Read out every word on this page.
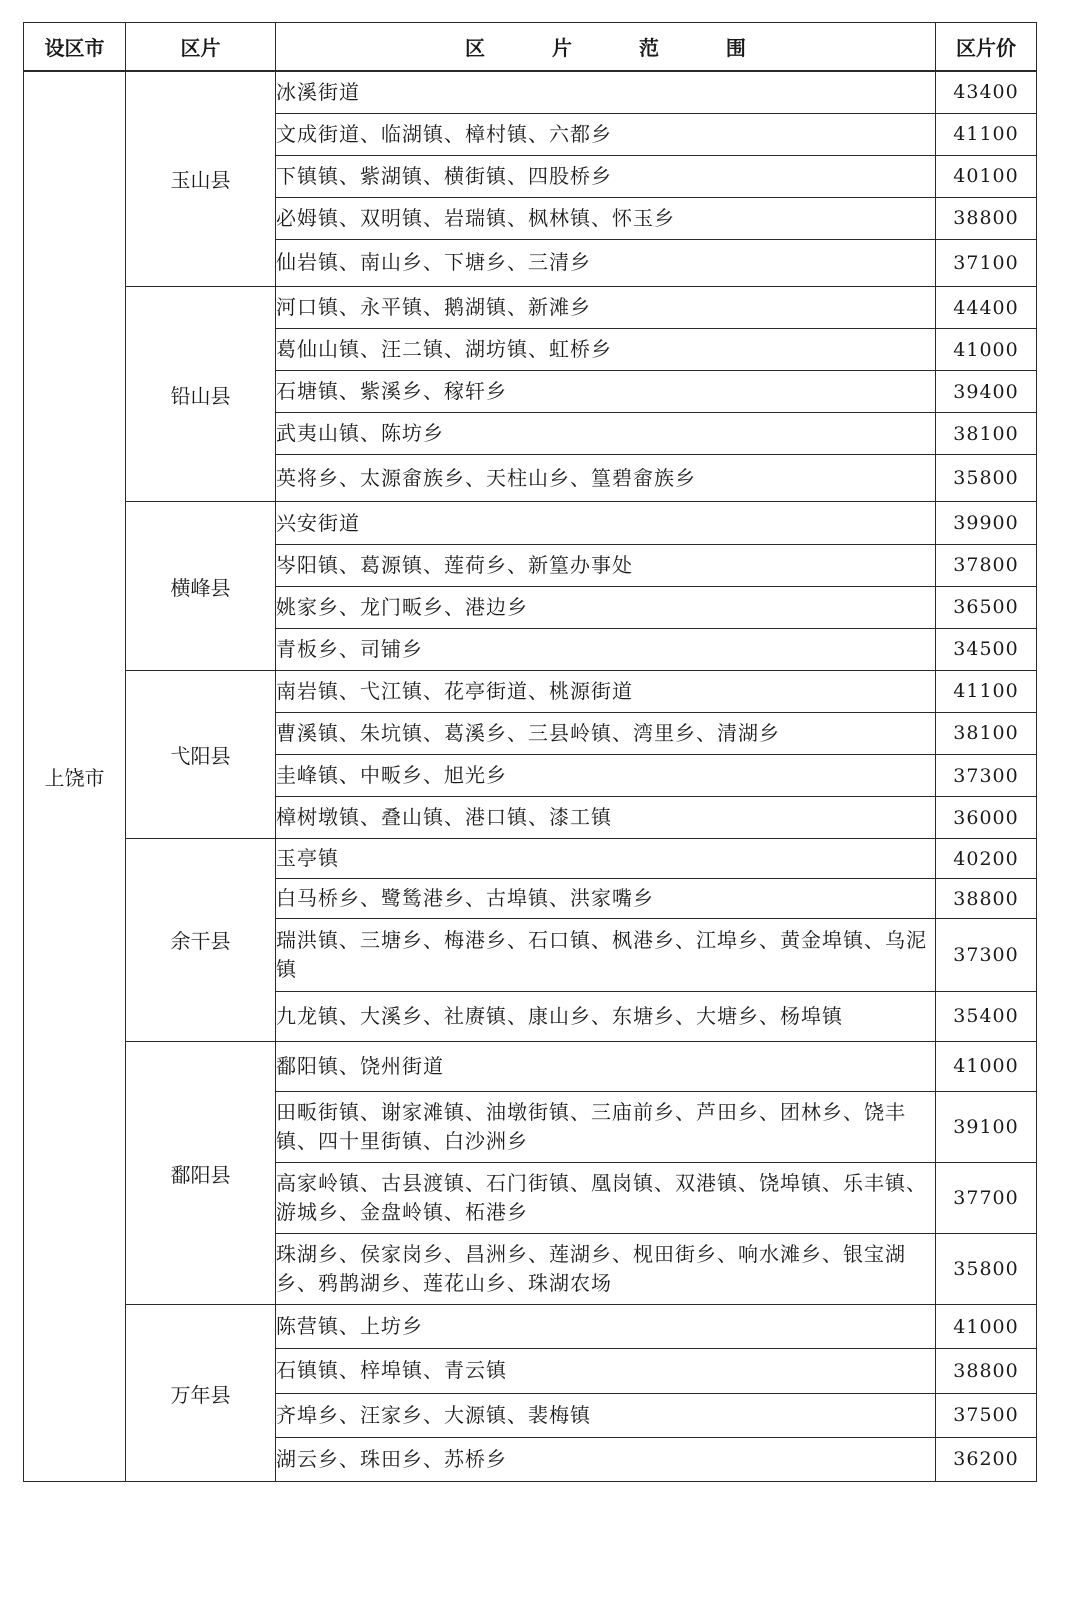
设区市	区片	区 片 范 围	区片价
上饶市	玉山县	冰溪街道	43400
		文成街道、临湖镇、樟村镇、六都乡	41100
		下镇镇、紫湖镇、横街镇、四股桥乡	40100
		必姆镇、双明镇、岩瑞镇、枫林镇、怀玉乡	38800
		仙岩镇、南山乡、下塘乡、三清乡	37100
	铅山县	河口镇、永平镇、鹅湖镇、新滩乡	44400
		葛仙山镇、汪二镇、湖坊镇、虹桥乡	41000
		石塘镇、紫溪乡、稼轩乡	39400
		武夷山镇、陈坊乡	38100
		英将乡、太源畲族乡、天柱山乡、篁碧畲族乡	35800
	横峰县	兴安街道	39900
		岑阳镇、葛源镇、莲荷乡、新篁办事处	37800
		姚家乡、龙门畈乡、港边乡	36500
		青板乡、司铺乡	34500
	弋阳县	南岩镇、弋江镇、花亭街道、桃源街道	41100
		曹溪镇、朱坑镇、葛溪乡、三县岭镇、湾里乡、清湖乡	38100
		圭峰镇、中畈乡、旭光乡	37300
		樟树墩镇、叠山镇、港口镇、漆工镇	36000
	余干县	玉亭镇	40200
		白马桥乡、鹭鸶港乡、古埠镇、洪家嘴乡	38800
		瑞洪镇、三塘乡、梅港乡、石口镇、枫港乡、江埠乡、黄金埠镇、乌泥镇	37300
		九龙镇、大溪乡、社赓镇、康山乡、东塘乡、大塘乡、杨埠镇	35400
	鄱阳县	鄱阳镇、饶州街道	41000
		田畈街镇、谢家滩镇、油墩街镇、三庙前乡、芦田乡、团林乡、饶丰镇、四十里街镇、白沙洲乡	39100
		高家岭镇、古县渡镇、石门街镇、凰岗镇、双港镇、饶埠镇、乐丰镇、游城乡、金盘岭镇、柘港乡	37700
		珠湖乡、侯家岗乡、昌洲乡、莲湖乡、枧田街乡、响水滩乡、银宝湖乡、鸦鹊湖乡、莲花山乡、珠湖农场	35800
	万年县	陈营镇、上坊乡	41000
		石镇镇、梓埠镇、青云镇	38800
		齐埠乡、汪家乡、大源镇、裴梅镇	37500
		湖云乡、珠田乡、苏桥乡	36200
